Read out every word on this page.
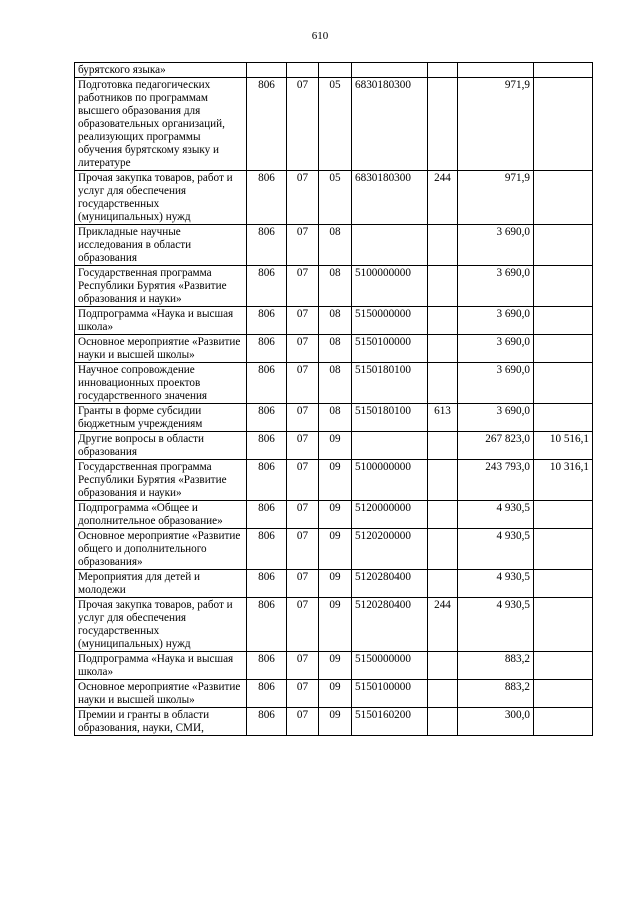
610
бурятского языка»							
Подготовка педагогических работников по программам высшего образования для образовательных организаций, реализующих программы обучения бурятскому языку и литературе	806	07	05	6830180300		971,9	
Прочая закупка товаров, работ и услуг для обеспечения государственных (муниципальных) нужд	806	07	05	6830180300	244	971,9	
Прикладные научные исследования в области образования	806	07	08			3 690,0	
Государственная программа Республики Бурятия «Развитие образования и науки»	806	07	08	5100000000		3 690,0	
Подпрограмма «Наука и высшая школа»	806	07	08	5150000000		3 690,0	
Основное мероприятие «Развитие науки и высшей школы»	806	07	08	5150100000		3 690,0	
Научное сопровождение инновационных проектов государственного значения	806	07	08	5150180100		3 690,0	
Гранты в форме субсидии бюджетным учреждениям	806	07	08	5150180100	613	3 690,0	
Другие вопросы в области образования	806	07	09			267 823,0	10 516,1
Государственная программа Республики Бурятия «Развитие образования и науки»	806	07	09	5100000000		243 793,0	10 316,1
Подпрограмма «Общее и дополнительное образование»	806	07	09	5120000000		4 930,5	
Основное мероприятие «Развитие общего и дополнительного образования»	806	07	09	5120200000		4 930,5	
Мероприятия для детей и молодежи	806	07	09	5120280400		4 930,5	
Прочая закупка товаров, работ и услуг для обеспечения государственных (муниципальных) нужд	806	07	09	5120280400	244	4 930,5	
Подпрограмма «Наука и высшая школа»	806	07	09	5150000000		883,2	
Основное мероприятие «Развитие науки и высшей школы»	806	07	09	5150100000		883,2	
Премии и гранты в области образования, науки, СМИ,	806	07	09	5150160200		300,0	
